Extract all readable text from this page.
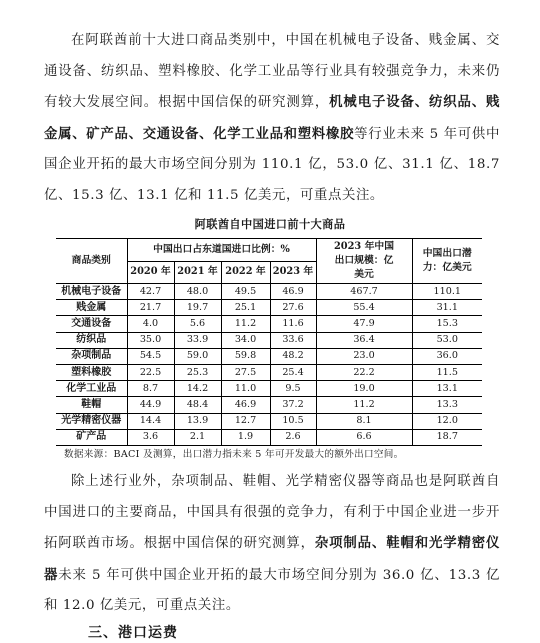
在阿联酋前十大进口商品类别中，中国在机械电子设备、贱金属、交通设备、纺织品、塑料橡胶、化学工业品等行业具有较强竞争力，未来仍有较大发展空间。根据中国信保的研究测算，机械电子设备、纺织品、贱金属、矿产品、交通设备、化学工业品和塑料橡胶等行业未来 5 年可供中国企业开拓的最大市场空间分别为 110.1 亿，53.0 亿、31.1 亿、18.7 亿、15.3 亿、13.1 亿和 11.5 亿美元，可重点关注。

阿联酋自中国进口前十大商品
商品类别	中国出口占东道国进口比例：%				2023 年中国出口规模：亿美元	中国出口潜力：亿美元
	2020 年	2021 年	2022 年	2023 年		
机械电子设备	42.7	48.0	49.5	46.9	467.7	110.1
贱金属	21.7	19.7	25.1	27.6	55.4	31.1
交通设备	4.0	5.6	11.2	11.6	47.9	15.3
纺织品	35.0	33.9	34.0	33.6	36.4	53.0
杂项制品	54.5	59.0	59.8	48.2	23.0	36.0
塑料橡胶	22.5	25.3	27.5	25.4	22.2	11.5
化学工业品	8.7	14.2	11.0	9.5	19.0	13.1
鞋帽	44.9	48.4	46.9	37.2	11.2	13.3
光学精密仪器	14.4	13.9	12.7	10.5	8.1	12.0
矿产品	3.6	2.1	1.9	2.6	6.6	18.7
数据来源：BACI 及测算，出口潜力指未来 5 年可开发最大的额外出口空间。

除上述行业外，杂项制品、鞋帽、光学精密仪器等商品也是阿联酋自中国进口的主要商品，中国具有很强的竞争力，有利于中国企业进一步开拓阿联酋市场。根据中国信保的研究测算，杂项制品、鞋帽和光学精密仪器未来 5 年可供中国企业开拓的最大市场空间分别为 36.0 亿、13.3 亿和 12.0 亿美元，可重点关注。

三、港口运费
